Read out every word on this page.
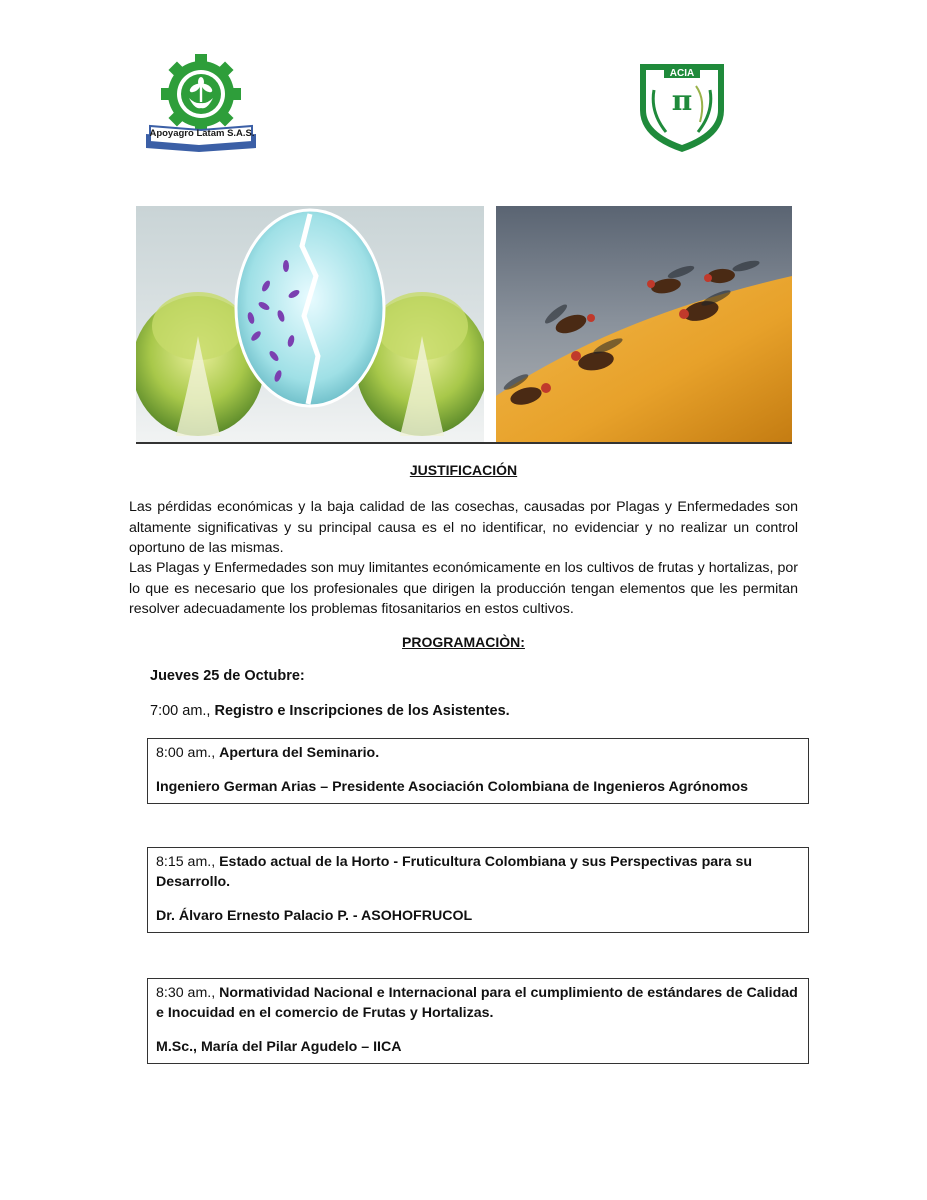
Apoyagro Latam S.A.S.
ACIA
π
JUSTIFICACIÓN
Las pérdidas económicas y la baja calidad de las cosechas, causadas por Plagas y Enfermedades son altamente significativas y su principal causa es el no identificar, no evidenciar y no realizar un control oportuno de las mismas.
Las Plagas y Enfermedades son muy limitantes económicamente en los cultivos de frutas y hortalizas, por lo que es necesario que los profesionales que dirigen la producción tengan elementos que les permitan resolver adecuadamente los problemas fitosanitarios en estos cultivos.
PROGRAMACIÒN:
Jueves 25 de Octubre:
7:00 am., Registro e Inscripciones de los Asistentes.

8:00 am., Apertura del Seminario.

Ingeniero German Arias – Presidente Asociación Colombiana de Ingenieros Agrónomos

8:15 am., Estado actual de la Horto - Fruticultura Colombiana y sus Perspectivas para su Desarrollo.

Dr. Álvaro Ernesto Palacio P. - ASOHOFRUCOL

8:30 am., Normatividad Nacional e Internacional para el cumplimiento de estándares de Calidad e Inocuidad en el comercio de Frutas y Hortalizas.

M.Sc., María del Pilar Agudelo – IICA
